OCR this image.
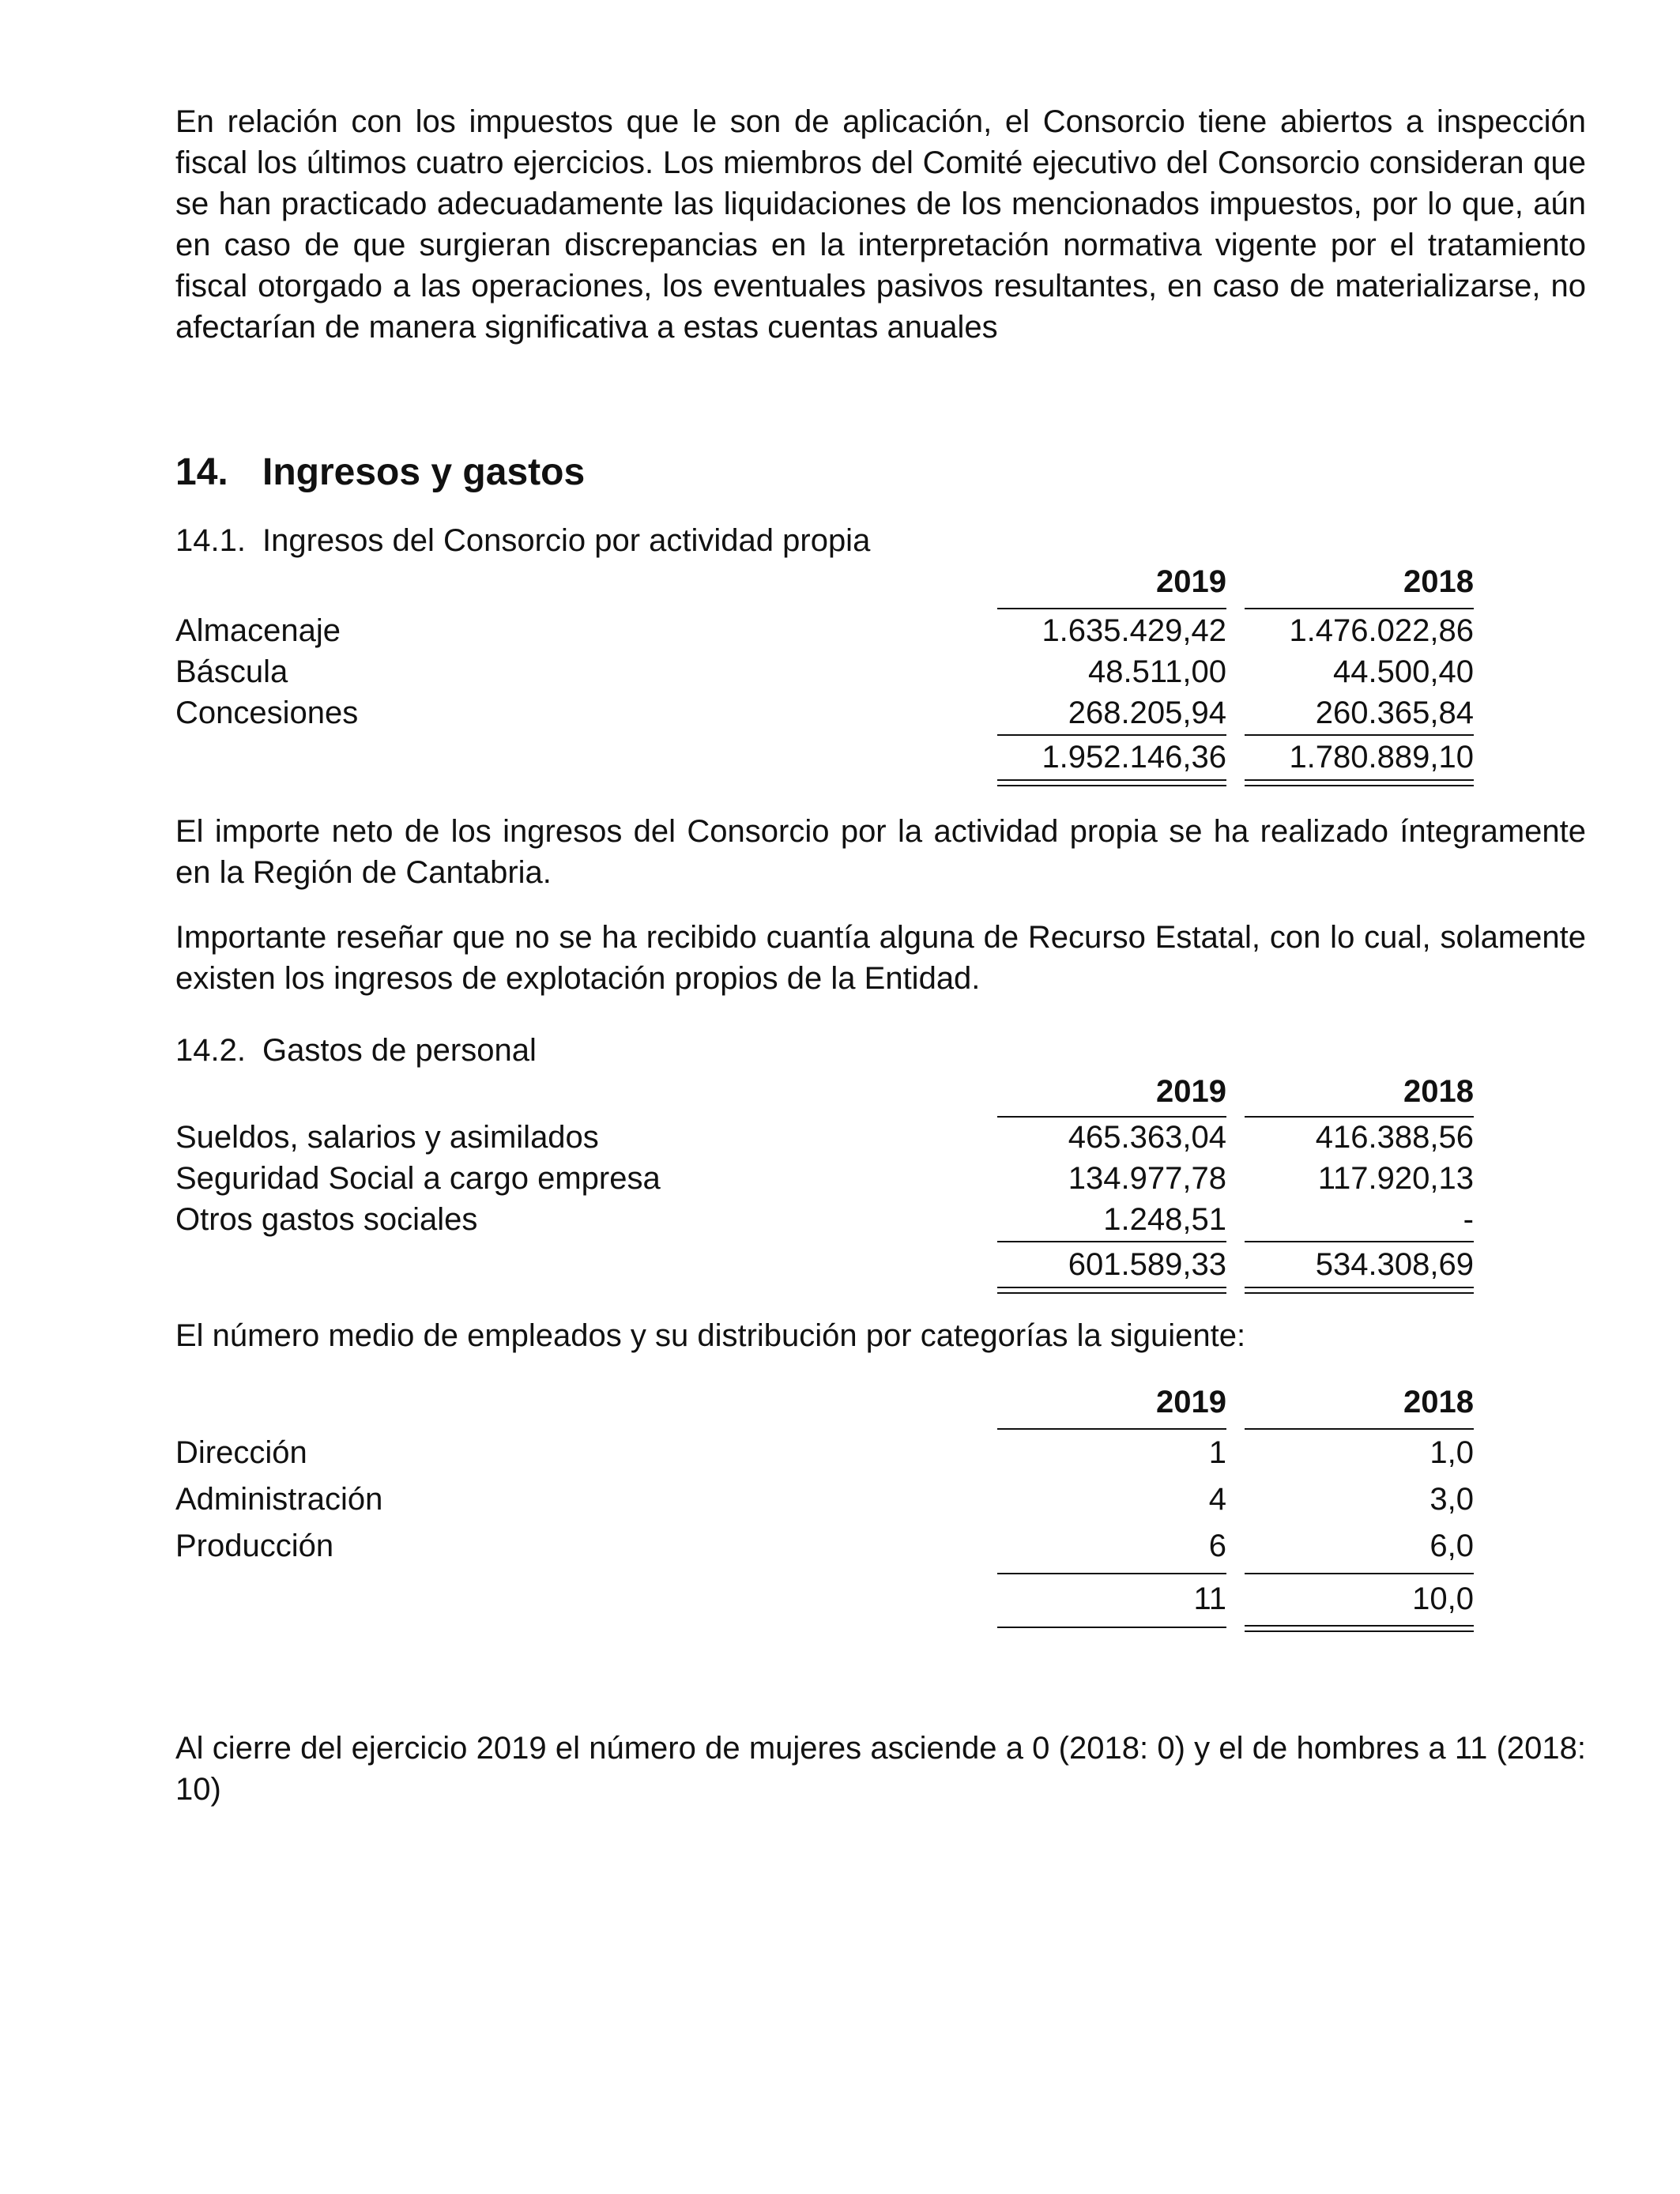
En relación con los impuestos que le son de aplicación, el Consorcio tiene abiertos a inspección fiscal los últimos cuatro ejercicios. Los miembros del Comité ejecutivo del Consorcio consideran que se han practicado adecuadamente las liquidaciones de los mencionados impuestos, por lo que, aún en caso de que surgieran discrepancias en la interpretación normativa vigente por el tratamiento fiscal otorgado a las operaciones, los eventuales pasivos resultantes, en caso de materializarse, no afectarían de manera significativa a estas cuentas anuales

14. Ingresos y gastos
14.1. Ingresos del Consorcio por actividad propia
2019	2018
Almacenaje	1.635.429,42	1.476.022,86
Báscula	48.511,00	44.500,40
Concesiones	268.205,94	260.365,84
1.952.146,36	1.780.889,10

El importe neto de los ingresos del Consorcio por la actividad propia se ha realizado íntegramente en la Región de Cantabria.

Importante reseñar que no se ha recibido cuantía alguna de Recurso Estatal, con lo cual, solamente existen los ingresos de explotación propios de la Entidad.

14.2. Gastos de personal
2019	2018
Sueldos, salarios y asimilados	465.363,04	416.388,56
Seguridad Social a cargo empresa	134.977,78	117.920,13
Otros gastos sociales	1.248,51	-
601.589,33	534.308,69

El número medio de empleados y su distribución por categorías la siguiente:

2019	2018
Dirección	1	1,0
Administración	4	3,0
Producción	6	6,0
11	10,0

Al cierre del ejercicio 2019 el número de mujeres asciende a 0 (2018: 0) y el de hombres a 11 (2018: 10)
